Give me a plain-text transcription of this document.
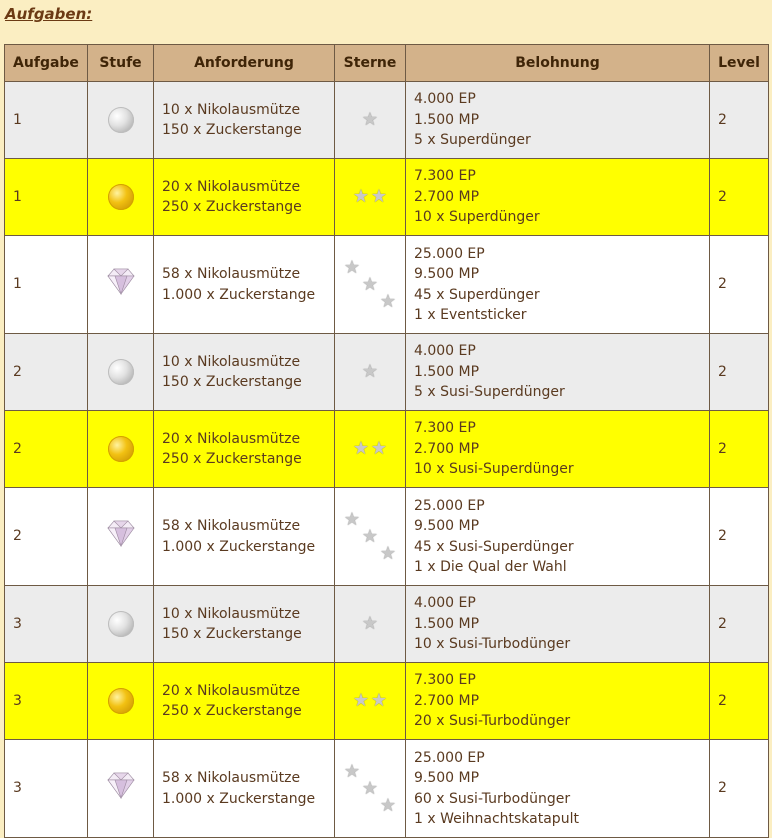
Aufgaben:
Aufgabe	Stufe	Anforderung	Sterne	Belohnung	Level
1		10 x Nikolausmütze
150 x Zuckerstange	★	4.000 EP
1.500 MP
5 x Superdünger	2
1		20 x Nikolausmütze
250 x Zuckerstange	★ ★	7.300 EP
2.700 MP
10 x Superdünger	2
1		58 x Nikolausmütze
1.000 x Zuckerstange	★
★
★	25.000 EP
9.500 MP
45 x Superdünger
1 x Eventsticker	2
2		10 x Nikolausmütze
150 x Zuckerstange	★	4.000 EP
1.500 MP
5 x Susi-Superdünger	2
2		20 x Nikolausmütze
250 x Zuckerstange	★ ★	7.300 EP
2.700 MP
10 x Susi-Superdünger	2
2		58 x Nikolausmütze
1.000 x Zuckerstange	★
★
★	25.000 EP
9.500 MP
45 x Susi-Superdünger
1 x Die Qual der Wahl	2
3		10 x Nikolausmütze
150 x Zuckerstange	★	4.000 EP
1.500 MP
10 x Susi-Turbodünger	2
3		20 x Nikolausmütze
250 x Zuckerstange	★ ★	7.300 EP
2.700 MP
20 x Susi-Turbodünger	2
3		58 x Nikolausmütze
1.000 x Zuckerstange	★
★
★	25.000 EP
9.500 MP
60 x Susi-Turbodünger
1 x Weihnachtskatapult	2
